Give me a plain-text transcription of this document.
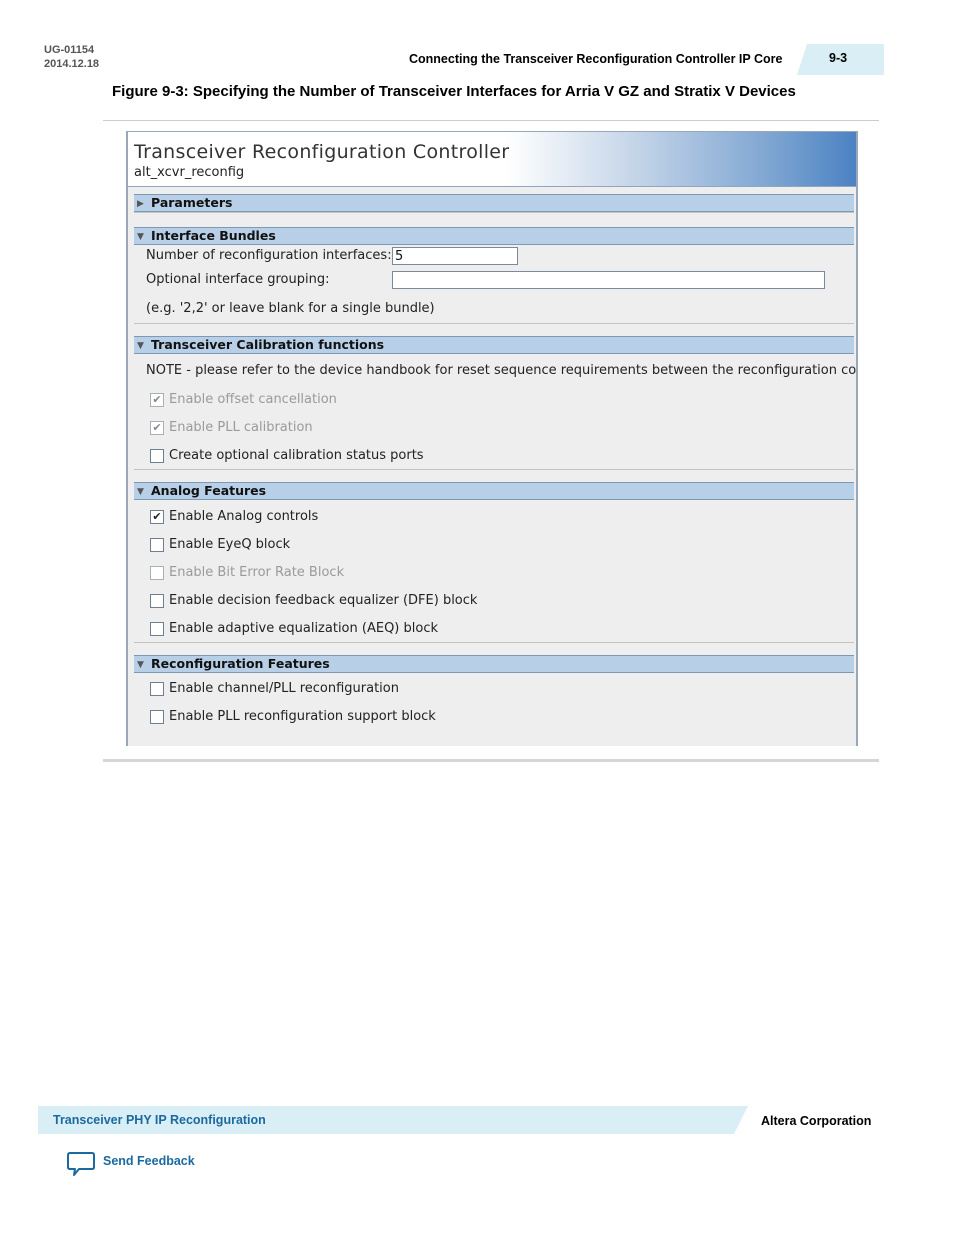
UG-01154
2014.12.18	Connecting the Transceiver Reconfiguration Controller IP Core	9-3
Figure 9-3: Specifying the Number of Transceiver Interfaces for Arria V GZ and Stratix V Devices
Transceiver Reconfiguration Controller
alt_xcvr_reconfig
▶ Parameters
▼ Interface Bundles
Number of reconfiguration interfaces: 5
Optional interface grouping:
(e.g. '2,2' or leave blank for a single bundle)
▼ Transceiver Calibration functions
NOTE - please refer to the device handbook for reset sequence requirements between the reconfiguration co
✔ Enable offset cancellation
✔ Enable PLL calibration
Create optional calibration status ports
▼ Analog Features
✔ Enable Analog controls
Enable EyeQ block
Enable Bit Error Rate Block
Enable decision feedback equalizer (DFE) block
Enable adaptive equalization (AEQ) block
▼ Reconfiguration Features
Enable channel/PLL reconfiguration
Enable PLL reconfiguration support block
Transceiver PHY IP Reconfiguration	Altera Corporation
Send Feedback
